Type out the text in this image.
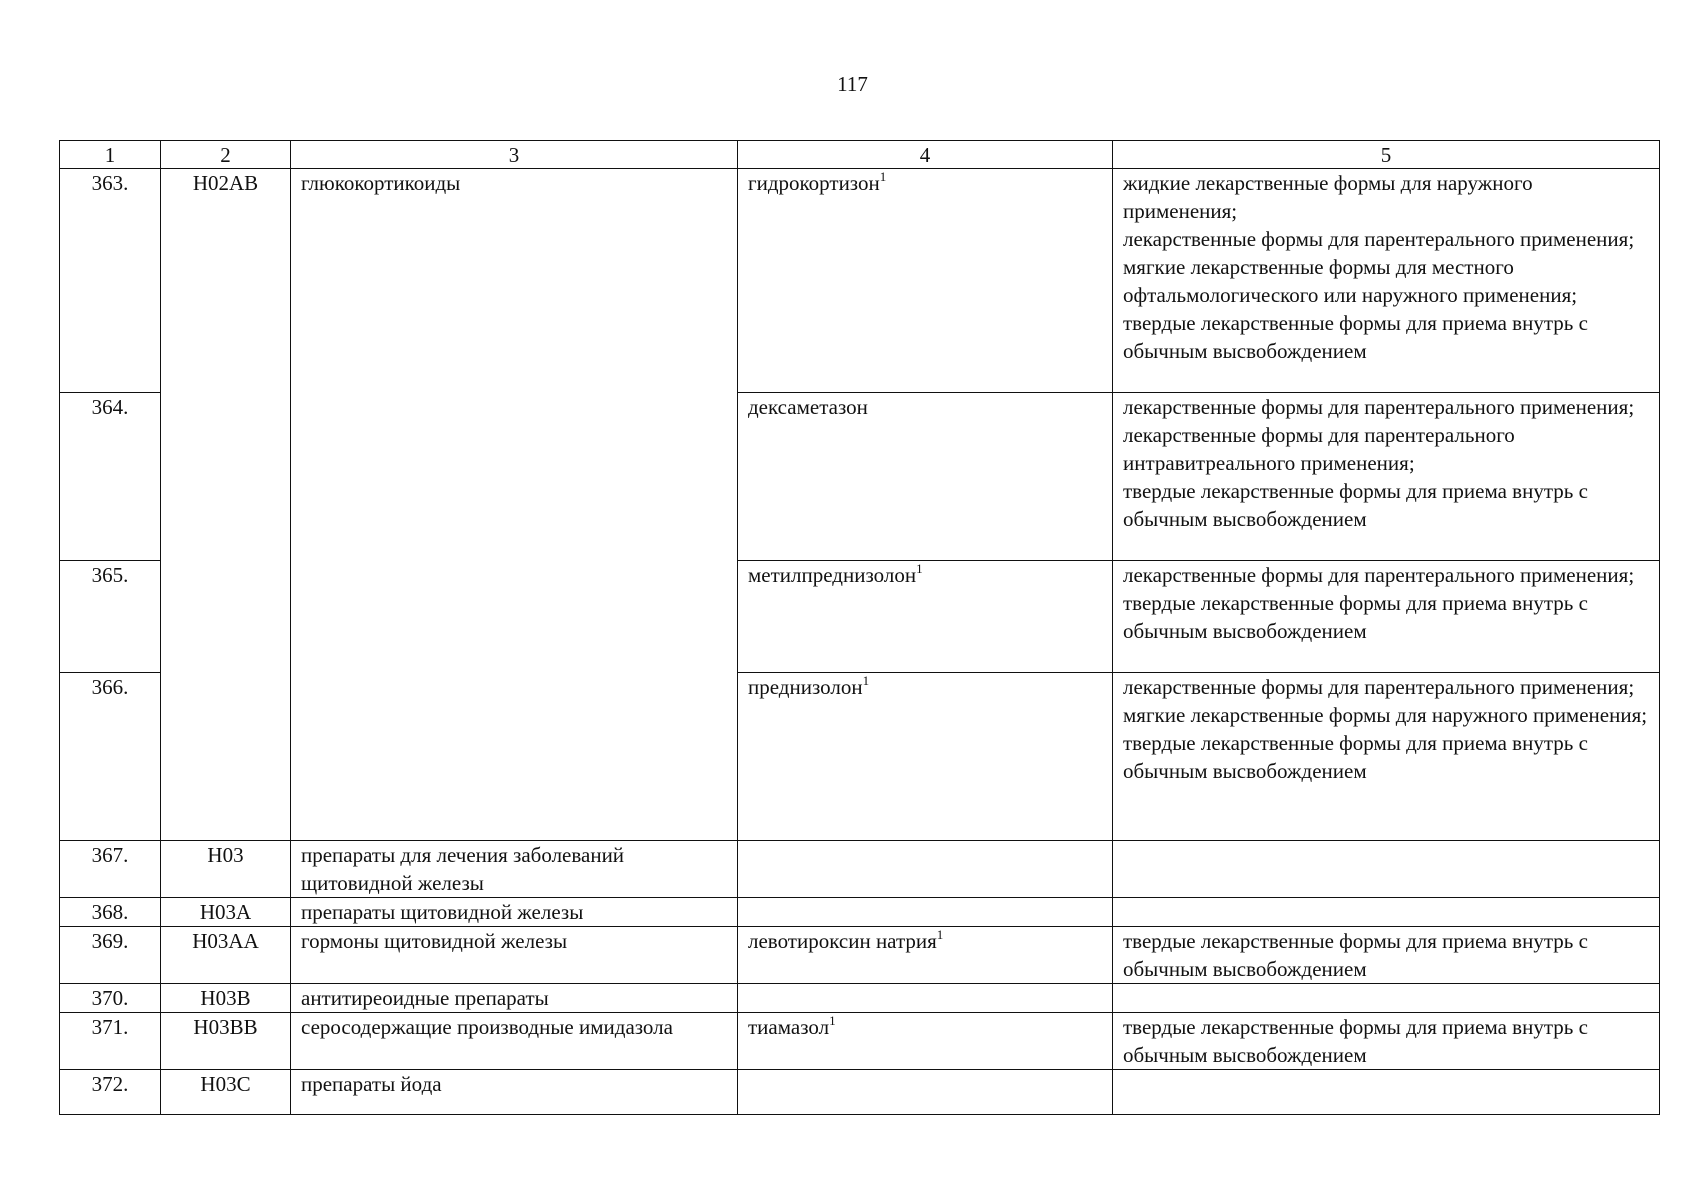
117
1	2	3	4	5
363.	H02AB	глюкокортикоиды	гидрокортизон$^1$	жидкие лекарственные формы для наружного применения;
лекарственные формы для парентерального применения;
мягкие лекарственные формы для местного офтальмологического или наружного применения;
твердые лекарственные формы для приема внутрь с обычным высвобождением

364.			дексаметазон	лекарственные формы для парентерального применения;
лекарственные формы для парентерального интравитреального применения;
твердые лекарственные формы для приема внутрь с обычным высвобождением

365.			метилпреднизолон$^1$	лекарственные формы для парентерального применения;
твердые лекарственные формы для приема внутрь с обычным высвобождением

366.			преднизолон$^1$	лекарственные формы для парентерального применения;
мягкие лекарственные формы для наружного применения;
твердые лекарственные формы для приема внутрь с обычным высвобождением

367.	H03	препараты для лечения заболеваний щитовидной железы		
368.	H03A	препараты щитовидной железы		
369.	H03AA	гормоны щитовидной железы	левотироксин натрия$^1$	твердые лекарственные формы для приема внутрь с обычным высвобождением

370.	H03B	антитиреоидные препараты		
371.	H03BB	серосодержащие производные имидазола	тиамазол$^1$	твердые лекарственные формы для приема внутрь с обычным высвобождением

372.	H03C	препараты йода		
